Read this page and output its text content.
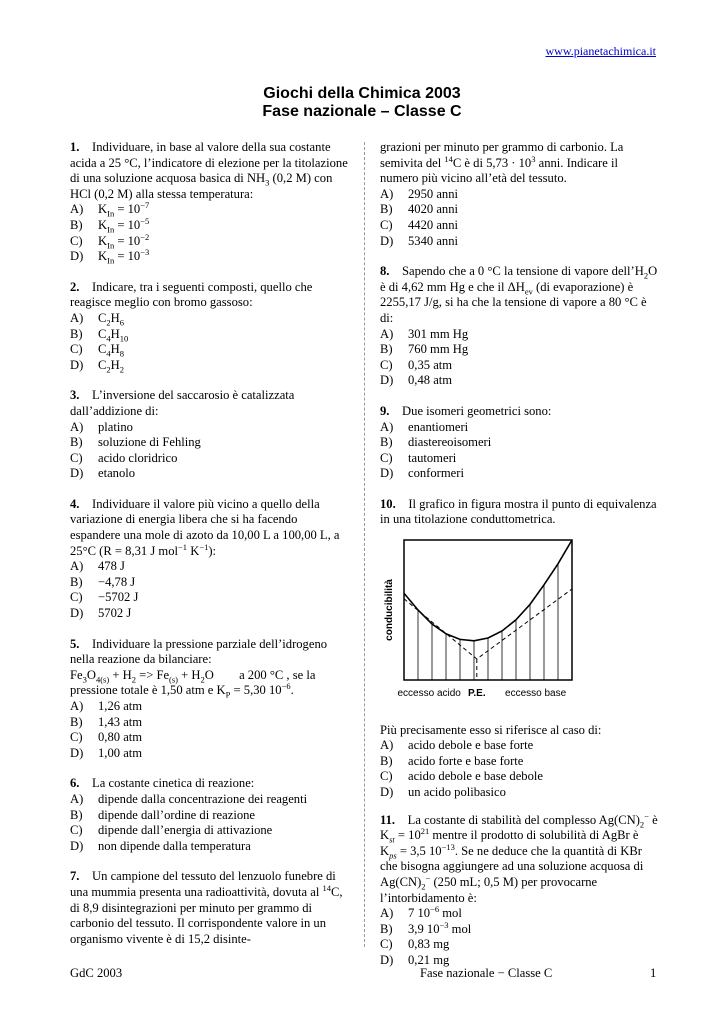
www.pianetachimica.it
Giochi della Chimica 2003
Fase nazionale – Classe C

1. Individuare, in base al valore della sua costante acida a 25 °C, l’indicatore di elezione per la titolazione di una soluzione acquosa basica di $NH_3$ (0,2 M) con HCl (0,2 M) alla stessa temperatura:

A) $K_{In} = 10^{-7}$
B) $K_{In} = 10^{-5}$
C) $K_{In} = 10^{-2}$
D) $K_{In} = 10^{-3}$

2. Indicare, tra i seguenti composti, quello che reagisce meglio con bromo gassoso:

A) $C_2H_6$
B) $C_4H_{10}$
C) $C_4H_8$
D) $C_2H_2$

3. L’inversione del saccarosio è catalizzata dall’addizione di:

A) platino
B) soluzione di Fehling
C) acido cloridrico
D) etanolo

4. Individuare il valore più vicino a quello della variazione di energia libera che si ha facendo espandere una mole di azoto da 10,00 L a 100,00 L, a 25°C (R = 8,31 J mol$^{-1}$ $K^{-1}$):

A) 478 J
B) −4,78 J
C) −5702 J
D) 5702 J

5. Individuare la pressione parziale dell’idrogeno nella reazione da bilanciare:

$Fe_3O_{4(s)} + H_2 => Fe_{(s)} + H_2O$        a 200 °C , se la pressione totale è 1,50 atm e $K_P = 5,30$ $10^{-6}$.

A) 1,26 atm
B) 1,43 atm
C) 0,80 atm
D) 1,00 atm

6. La costante cinetica di reazione:

A) dipende dalla concentrazione dei reagenti
B) dipende dall’ordine di reazione
C) dipende dall’energia di attivazione
D) non dipende dalla temperatura

7. Un campione del tessuto del lenzuolo funebre di una mummia presenta una radioattività, dovuta al $^{14}$C, di 8,9 disintegrazioni per minuto per grammo di carbonio del tessuto. Il corrispondente valore in un organismo vivente è di 15,2 disinte-

grazioni per minuto per grammo di carbonio. La semivita del $^{14}$C è di $5,73 \cdot 10^3$ anni. Indicare il numero più vicino all’età del tessuto.

A) 2950 anni
B) 4020 anni
C) 4420 anni
D) 5340 anni

8. Sapendo che a 0 °C la tensione di vapore $dell’H_2O$ è di 4,62 mm Hg e che il $\Delta H_{ev}$ (di evaporazione) è 2255,17 J/g, si ha che la tensione di vapore a 80 °C è di:

A) 301 mm Hg
B) 760 mm Hg
C) 0,35 atm
D) 0,48 atm

9. Due isomeri geometrici sono:

A) enantiomeri
B) diastereoisomeri
C) tautomeri
D) conformeri

10. Il grafico in figura mostra il punto di equivalenza in una titolazione conduttometrica.

conducibilità
eccesso acido P.E. eccesso base

Più precisamente esso si riferisce al caso di:

A) acido debole e base forte
B) acido forte e base forte
C) acido debole e base debole
D) un acido polibasico

11. La costante di stabilità del complesso $Ag(CN)_2^-$ è $K_{st} = 10^{21}$ mentre il prodotto di solubilità di AgBr è $K_{ps} = 3,5$ $10^{-13}$. Se ne deduce che la quantità di KBr che bisogna aggiungere ad una soluzione acquosa di $Ag(CN)_2^-$ (250 mL; 0,5 M) per provocarne l’intorbidamento è:

A) 7 $10^{-6}$ mol
B) 3,9 $10^{-3}$ mol
C) 0,83 mg
D) 0,21 mg
GdC 2003	Fase nazionale − Classe C	1
